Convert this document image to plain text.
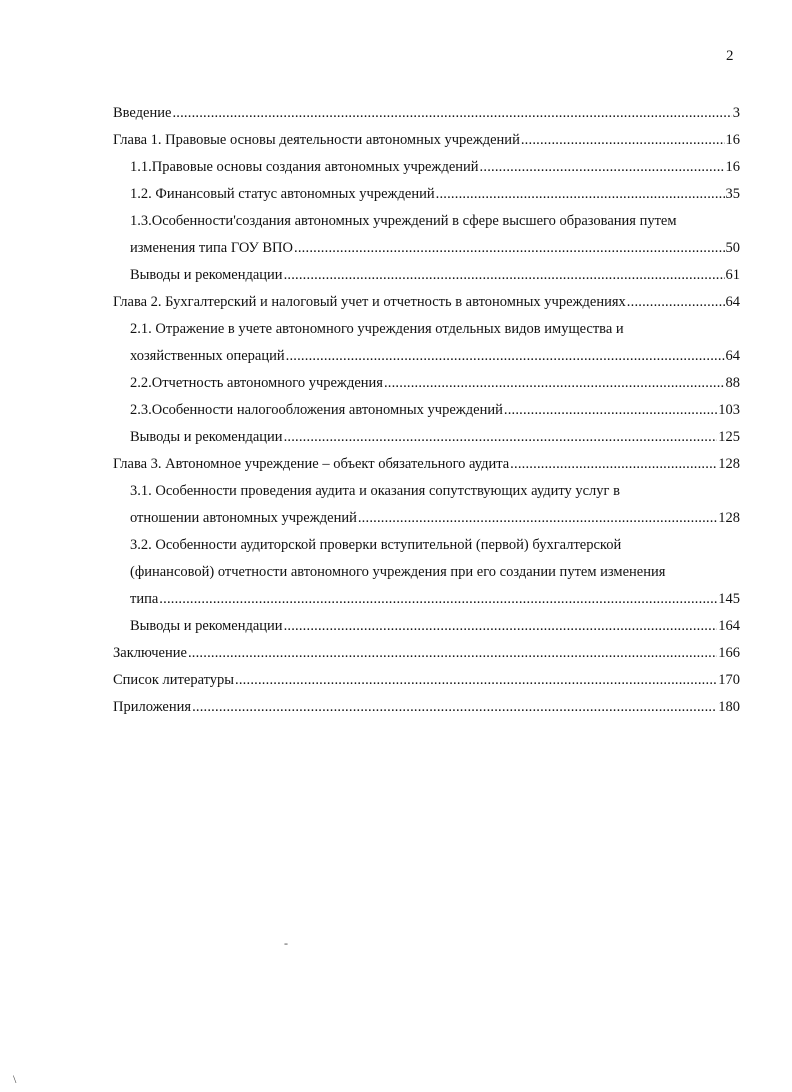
2
Введение .....	3
Глава 1. Правовые основы деятельности автономных учреждений .....	16
1.1.Правовые основы создания автономных учреждений .....	16
1.2. Финансовый статус автономных учреждений .....	35
1.3.Особенности'создания автономных учреждений в сфере высшего образования путем
изменения типа ГОУ ВПО .....	50
Выводы и рекомендации .....	61
Глава 2. Бухгалтерский и налоговый учет и отчетность в автономных учреждениях .....	64
2.1. Отражение в учете автономного учреждения отдельных видов имущества и
хозяйственных операций .....	64
2.2.Отчетность автономного учреждения .....	88
2.3.Особенности налогообложения автономных учреждений .....	103
Выводы и рекомендации .....	125
Глава 3. Автономное учреждение – объект обязательного аудита .....	128
3.1. Особенности проведения аудита и оказания сопутствующих аудиту услуг в
отношении автономных учреждений .....	128
3.2. Особенности аудиторской проверки вступительной (первой) бухгалтерской
(финансовой) отчетности автономного учреждения при его создании путем изменения
типа .....	145
Выводы и рекомендации .....	164
Заключение .....	166
Список литературы .....	170
Приложения .....	180
-
\
